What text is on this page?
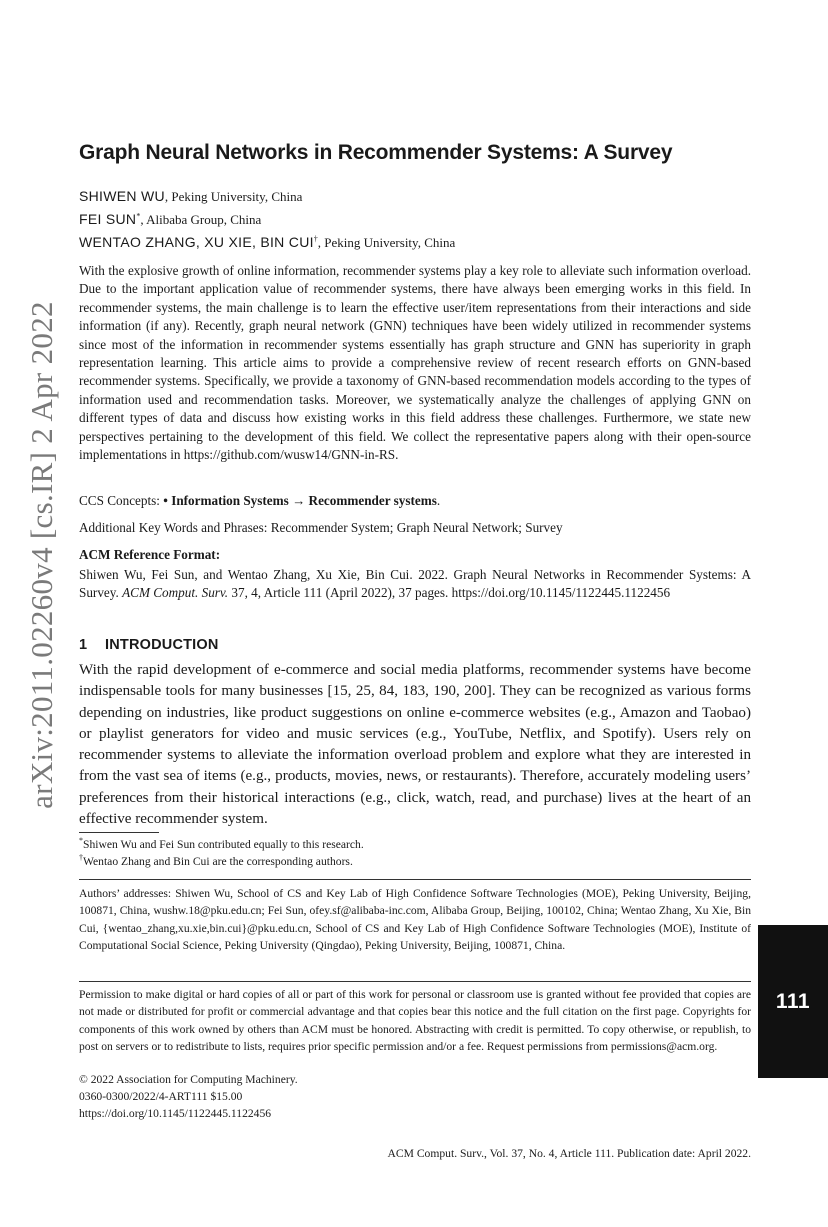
arXiv:2011.02260v4 [cs.IR] 2 Apr 2022
Graph Neural Networks in Recommender Systems: A Survey
SHIWEN WU, Peking University, China
FEI SUN*, Alibaba Group, China
WENTAO ZHANG, XU XIE, BIN CUI†, Peking University, China

With the explosive growth of online information, recommender systems play a key role to alleviate such information overload. Due to the important application value of recommender systems, there have always been emerging works in this field. In recommender systems, the main challenge is to learn the effective user/item representations from their interactions and side information (if any). Recently, graph neural network (GNN) techniques have been widely utilized in recommender systems since most of the information in recommender systems essentially has graph structure and GNN has superiority in graph representation learning. This article aims to provide a comprehensive review of recent research efforts on GNN-based recommender systems. Specifically, we provide a taxonomy of GNN-based recommendation models according to the types of information used and recommendation tasks. Moreover, we systematically analyze the challenges of applying GNN on different types of data and discuss how existing works in this field address these challenges. Furthermore, we state new perspectives pertaining to the development of this field. We collect the representative papers along with their open-source implementations in https://github.com/wusw14/GNN-in-RS.

CCS Concepts: • Information Systems → Recommender systems.

Additional Key Words and Phrases: Recommender System; Graph Neural Network; Survey

ACM Reference Format:

Shiwen Wu, Fei Sun, and Wentao Zhang, Xu Xie, Bin Cui. 2022. Graph Neural Networks in Recommender Systems: A Survey. ACM Comput. Surv. 37, 4, Article 111 (April 2022), 37 pages. https://doi.org/10.1145/1122445.1122456

1 INTRODUCTION

With the rapid development of e-commerce and social media platforms, recommender systems have become indispensable tools for many businesses [15, 25, 84, 183, 190, 200]. They can be recognized as various forms depending on industries, like product suggestions on online e-commerce websites (e.g., Amazon and Taobao) or playlist generators for video and music services (e.g., YouTube, Netflix, and Spotify). Users rely on recommender systems to alleviate the information overload problem and explore what they are interested in from the vast sea of items (e.g., products, movies, news, or restaurants). Therefore, accurately modeling users’ preferences from their historical interactions (e.g., click, watch, read, and purchase) lives at the heart of an effective recommender system.

*Shiwen Wu and Fei Sun contributed equally to this research.
†Wentao Zhang and Bin Cui are the corresponding authors.

Authors’ addresses: Shiwen Wu, School of CS and Key Lab of High Confidence Software Technologies (MOE), Peking University, Beijing, 100871, China, wushw.18@pku.edu.cn; Fei Sun, ofey.sf@alibaba-inc.com, Alibaba Group, Beijing, 100102, China; Wentao Zhang, Xu Xie, Bin Cui, {wentao_zhang,xu.xie,bin.cui}@pku.edu.cn, School of CS and Key Lab of High Confidence Software Technologies (MOE), Institute of Computational Social Science, Peking University (Qingdao), Peking University, Beijing, 100871, China.

Permission to make digital or hard copies of all or part of this work for personal or classroom use is granted without fee provided that copies are not made or distributed for profit or commercial advantage and that copies bear this notice and the full citation on the first page. Copyrights for components of this work owned by others than ACM must be honored. Abstracting with credit is permitted. To copy otherwise, or republish, to post on servers or to redistribute to lists, requires prior specific permission and/or a fee. Request permissions from permissions@acm.org.

© 2022 Association for Computing Machinery.
0360-0300/2022/4-ART111 $15.00
https://doi.org/10.1145/1122445.1122456
ACM Comput. Surv., Vol. 37, No. 4, Article 111. Publication date: April 2022.
111
